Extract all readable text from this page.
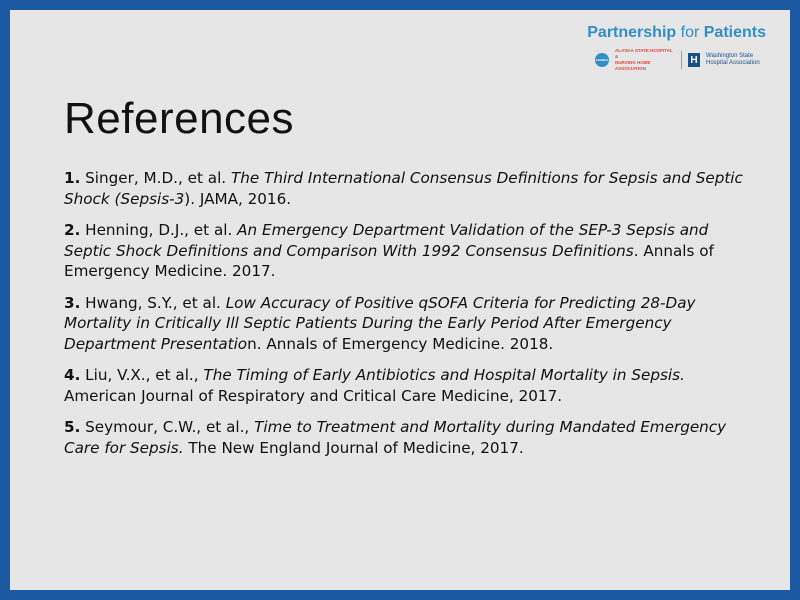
Partnership for Patients
ASHNHA
ALASKA STATE HOSPITAL &
NURSING HOME ASSOCIATION
H	Washington State
Hospital Association
References
1. Singer, M.D., et al. The Third International Consensus Definitions for Sepsis and Septic Shock (Sepsis-3). JAMA, 2016.
2. Henning, D.J., et al. An Emergency Department Validation of the SEP-3 Sepsis and Septic Shock Definitions and Comparison With 1992 Consensus Definitions. Annals of Emergency Medicine. 2017.
3. Hwang, S.Y., et al. Low Accuracy of Positive qSOFA Criteria for Predicting 28-Day Mortality in Critically Ill Septic Patients During the Early Period After Emergency Department Presentation. Annals of Emergency Medicine. 2018.
4. Liu, V.X., et al., The Timing of Early Antibiotics and Hospital Mortality in Sepsis. American Journal of Respiratory and Critical Care Medicine, 2017.
5. Seymour, C.W., et al., Time to Treatment and Mortality during Mandated Emergency Care for Sepsis. The New England Journal of Medicine, 2017.
